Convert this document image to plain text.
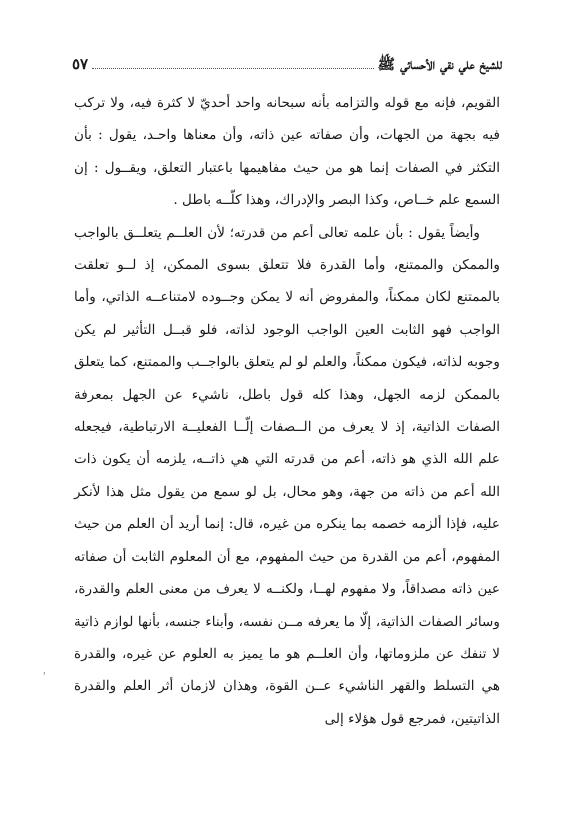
للشيخ علي نقي الأحسائي ﷺ
٥٧

القويم، فإنه مع قوله والتزامه بأنه سبحانه واحد أحديّ لا كثرة فيه، ولا تركب فيه بجهة من الجهات، وأن صفاته عين ذاته، وأن معناها واحـد، يقول : بأن التكثر في الصفات إنما هو من حيث مفاهيمها باعتبار التعلق، ويقــول : إن السمع علم خــاص، وكذا البصر والإدراك، وهذا كلّــه باطل .

وأيضاً يقول : بأن علمه تعالى أعم من قدرته؛ لأن العلــم يتعلــق بالواجب والممكن والممتنع، وأما القدرة فلا تتعلق بسوى الممكن، إذ لــو تعلقت بالممتنع لكان ممكناً، والمفروض أنه لا يمكن وجــوده لامتناعــه الذاتي، وأما الواجب فهو الثابت العين الواجب الوجود لذاته، فلو قبــل التأثير لم يكن وجوبه لذاته، فيكون ممكناً، والعلم لو لم يتعلق بالواجــب والممتنع، كما يتعلق بالممكن لزمه الجهل، وهذا كله قول باطل، ناشيء عن الجهل بمعرفة الصفات الذاتية، إذ لا يعرف من الــصفات إلّــا الفعليــة الارتباطية، فيجعله علم الله الذي هو ذاته، أعم من قدرته التي هي ذاتــه، يلزمه أن يكون ذات الله أعم من ذاته من جهة، وهو محال، بل لو سمع من يقول مثل هذا لأنكر عليه، فإذا ألزمه خصمه بما ينكره من غيره، قال: إنما أريد أن العلم من حيث المفهوم، أعم من القدرة من حيث المفهوم، مع أن المعلوم الثابت أن صفاته عين ذاته مصداقاً، ولا مفهوم لهــا، ولكنــه لا يعرف من معنى العلم والقدرة، وسائر الصفات الذاتية، إلّا ما يعرفه مــن نفسه، وأبناء جنسه، بأنها لوازم ذاتية لا تنفك عن ملزوماتها، وأن العلــم هو ما يميز به العلوم عن غيره، والقدرة هي التسلط والقهر الناشيء عــن القوة، وهذان لازمان أثر العلم والقدرة الذاتيتين، فمرجع قول هؤلاء إلى

'
